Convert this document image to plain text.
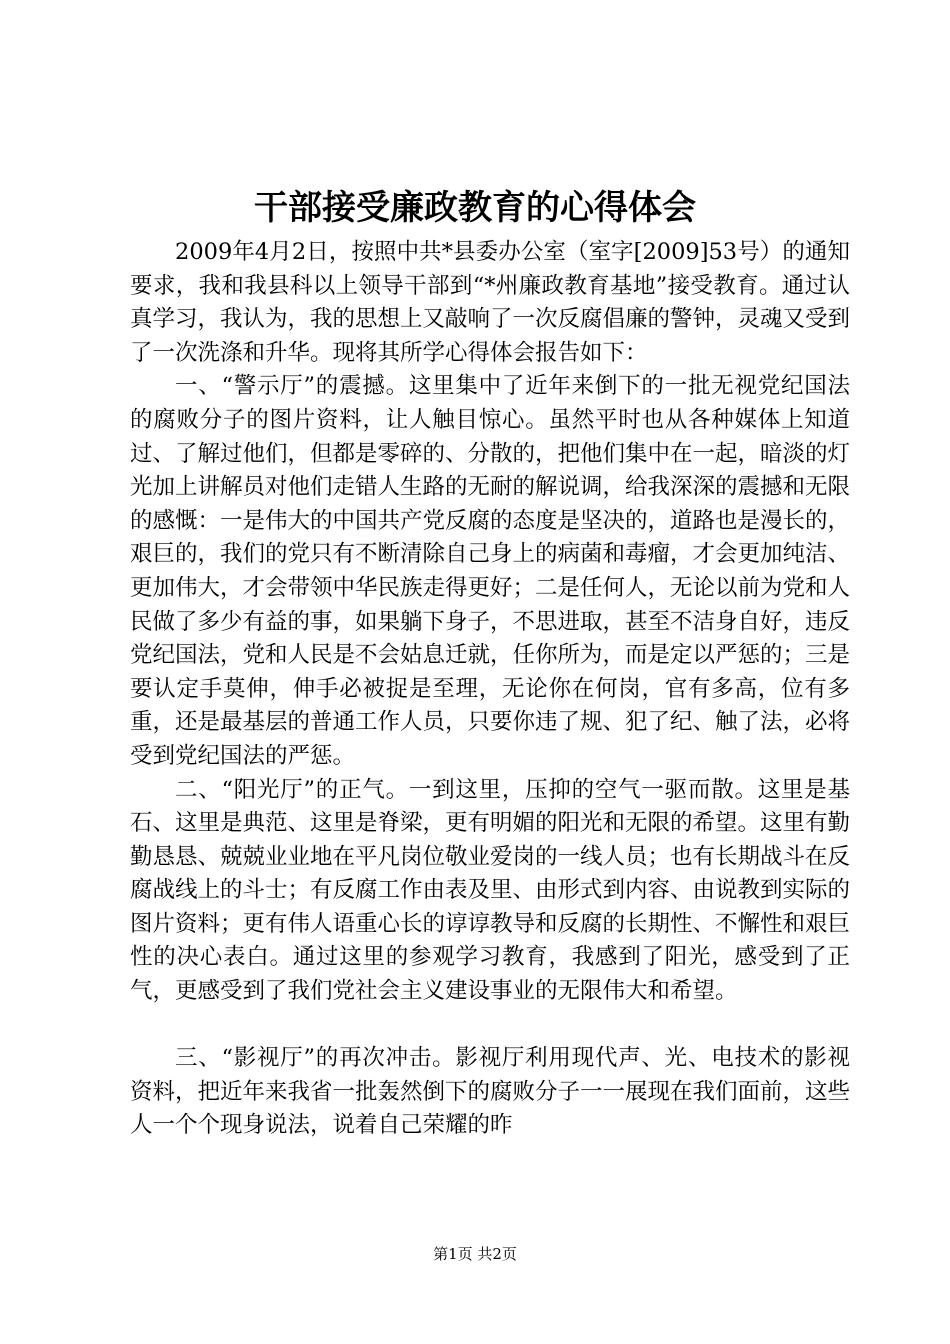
干部接受廉政教育的心得体会

2009年4月2日，按照中共*县委办公室（室字[2009]53号）的通知要求，我和我县科以上领导干部到“*州廉政教育基地”接受教育。通过认真学习，我认为，我的思想上又敲响了一次反腐倡廉的警钟，灵魂又受到了一次洗涤和升华。现将其所学心得体会报告如下：

一、“警示厅”的震撼。这里集中了近年来倒下的一批无视党纪国法的腐败分子的图片资料，让人触目惊心。虽然平时也从各种媒体上知道过、了解过他们，但都是零碎的、分散的，把他们集中在一起，暗淡的灯光加上讲解员对他们走错人生路的无耐的解说调，给我深深的震撼和无限的感慨：一是伟大的中国共产党反腐的态度是坚决的，道路也是漫长的，艰巨的，我们的党只有不断清除自己身上的病菌和毒瘤，才会更加纯洁、更加伟大，才会带领中华民族走得更好；二是任何人，无论以前为党和人民做了多少有益的事，如果躺下身子，不思进取，甚至不洁身自好，违反党纪国法，党和人民是不会姑息迁就，任你所为，而是定以严惩的；三是要认定手莫伸，伸手必被捉是至理，无论你在何岗，官有多高，位有多重，还是最基层的普通工作人员，只要你违了规、犯了纪、触了法，必将受到党纪国法的严惩。

二、“阳光厅”的正气。一到这里，压抑的空气一驱而散。这里是基石、这里是典范、这里是脊梁，更有明媚的阳光和无限的希望。这里有勤勤恳恳、兢兢业业地在平凡岗位敬业爱岗的一线人员；也有长期战斗在反腐战线上的斗士；有反腐工作由表及里、由形式到内容、由说教到实际的图片资料；更有伟人语重心长的谆谆教导和反腐的长期性、不懈性和艰巨性的决心表白。通过这里的参观学习教育，我感到了阳光，感受到了正气，更感受到了我们党社会主义建设事业的无限伟大和希望。

三、“影视厅”的再次冲击。影视厅利用现代声、光、电技术的影视资料，把近年来我省一批轰然倒下的腐败分子一一展现在我们面前，这些人一个个现身说法，说着自己荣耀的昨

第1页 共2页
